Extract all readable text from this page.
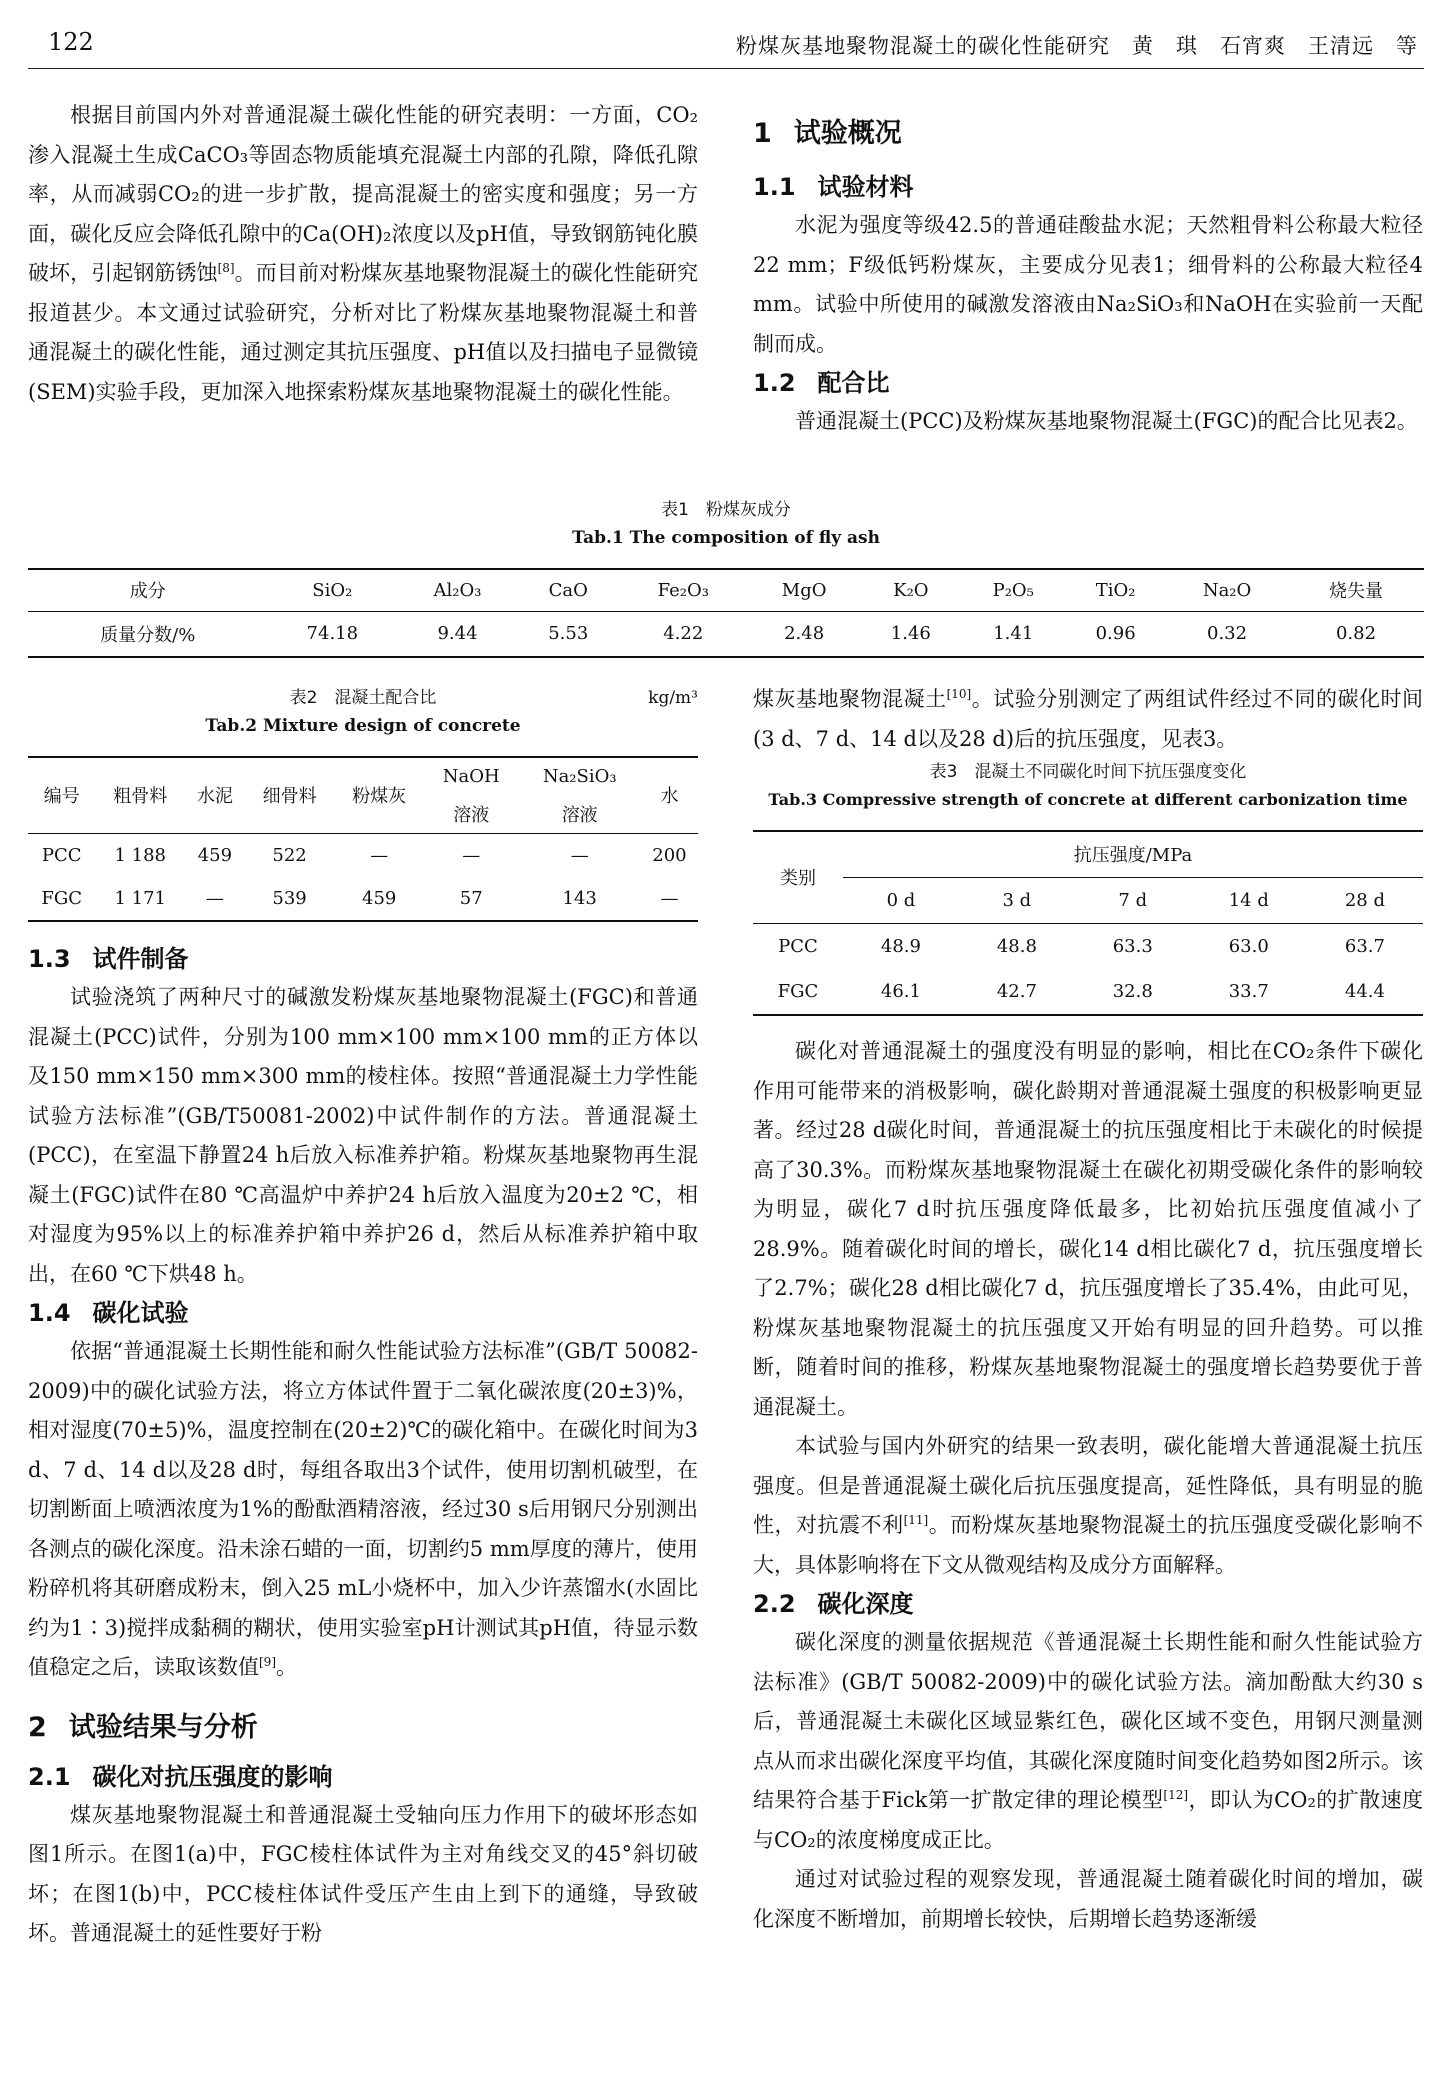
122	粉煤灰基地聚物混凝土的碳化性能研究　黄　琪　石宵爽　王清远　等

根据目前国内外对普通混凝土碳化性能的研究表明：一方面，CO₂渗入混凝土生成CaCO₃等固态物质能填充混凝土内部的孔隙，降低孔隙率，从而减弱CO₂的进一步扩散，提高混凝土的密实度和强度；另一方面，碳化反应会降低孔隙中的Ca(OH)₂浓度以及pH值，导致钢筋钝化膜破坏，引起钢筋锈蚀[8]。而目前对粉煤灰基地聚物混凝土的碳化性能研究报道甚少。本文通过试验研究，分析对比了粉煤灰基地聚物混凝土和普通混凝土的碳化性能，通过测定其抗压强度、pH值以及扫描电子显微镜(SEM)实验手段，更加深入地探索粉煤灰基地聚物混凝土的碳化性能。

1 试验概况
1.1 试验材料

水泥为强度等级42.5的普通硅酸盐水泥；天然粗骨料公称最大粒径22 mm；F级低钙粉煤灰，主要成分见表1；细骨料的公称最大粒径4 mm。试验中所使用的碱激发溶液由Na₂SiO₃和NaOH在实验前一天配制而成。

1.2 配合比

普通混凝土(PCC)及粉煤灰基地聚物混凝土(FGC)的配合比见表2。

表1　粉煤灰成分
Tab.1 The composition of fly ash
成分	SiO₂	Al₂O₃	CaO	Fe₂O₃	MgO	K₂O	P₂O₅	TiO₂	Na₂O	烧失量
质量分数/%	74.18	9.44	5.53	4.22	2.48	1.46	1.41	0.96	0.32	0.82
表2　混凝土配合比	kg/m³
Tab.2 Mixture design of concrete
编号	粗骨料	水泥	细骨料	粉煤灰	NaOH	Na₂SiO₃	水
					溶液	溶液	
PCC	1 188	459	522	—	—	—	200
FGC	1 171	—	539	459	57	143	—
1.3 试件制备

试验浇筑了两种尺寸的碱激发粉煤灰基地聚物混凝土(FGC)和普通混凝土(PCC)试件，分别为100 mm×100 mm×100 mm的正方体以及150 mm×150 mm×300 mm的棱柱体。按照“普通混凝土力学性能试验方法标准”(GB/T50081-2002)中试件制作的方法。普通混凝土(PCC)，在室温下静置24 h后放入标准养护箱。粉煤灰基地聚物再生混凝土(FGC)试件在80 ℃高温炉中养护24 h后放入温度为20±2 ℃，相对湿度为95%以上的标准养护箱中养护26 d，然后从标准养护箱中取出，在60 ℃下烘48 h。

1.4 碳化试验

依据“普通混凝土长期性能和耐久性能试验方法标准”(GB/T 50082-2009)中的碳化试验方法，将立方体试件置于二氧化碳浓度(20±3)%，相对湿度(70±5)%，温度控制在(20±2)℃的碳化箱中。在碳化时间为3 d、7 d、14 d以及28 d时，每组各取出3个试件，使用切割机破型，在切割断面上喷洒浓度为1%的酚酞酒精溶液，经过30 s后用钢尺分别测出各测点的碳化深度。沿未涂石蜡的一面，切割约5 mm厚度的薄片，使用粉碎机将其研磨成粉末，倒入25 mL小烧杯中，加入少许蒸馏水(水固比约为1∶3)搅拌成黏稠的糊状，使用实验室pH计测试其pH值，待显示数值稳定之后，读取该数值[9]。

2 试验结果与分析
2.1 碳化对抗压强度的影响

煤灰基地聚物混凝土和普通混凝土受轴向压力作用下的破坏形态如图1所示。在图1(a)中，FGC棱柱体试件为主对角线交叉的45°斜切破坏；在图1(b)中，PCC棱柱体试件受压产生由上到下的通缝，导致破坏。普通混凝土的延性要好于粉

煤灰基地聚物混凝土[10]。试验分别测定了两组试件经过不同的碳化时间(3 d、7 d、14 d以及28 d)后的抗压强度，见表3。

表3　混凝土不同碳化时间下抗压强度变化
Tab.3 Compressive strength of concrete at different carbonization time
类别	抗压强度/MPa				
	0 d	3 d	7 d	14 d	28 d
PCC	48.9	48.8	63.3	63.0	63.7
FGC	46.1	42.7	32.8	33.7	44.4

碳化对普通混凝土的强度没有明显的影响，相比在CO₂条件下碳化作用可能带来的消极影响，碳化龄期对普通混凝土强度的积极影响更显著。经过28 d碳化时间，普通混凝土的抗压强度相比于未碳化的时候提高了30.3%。而粉煤灰基地聚物混凝土在碳化初期受碳化条件的影响较为明显，碳化7 d时抗压强度降低最多，比初始抗压强度值减小了28.9%。随着碳化时间的增长，碳化14 d相比碳化7 d，抗压强度增长了2.7%；碳化28 d相比碳化7 d，抗压强度增长了35.4%，由此可见，粉煤灰基地聚物混凝土的抗压强度又开始有明显的回升趋势。可以推断，随着时间的推移，粉煤灰基地聚物混凝土的强度增长趋势要优于普通混凝土。

本试验与国内外研究的结果一致表明，碳化能增大普通混凝土抗压强度。但是普通混凝土碳化后抗压强度提高，延性降低，具有明显的脆性，对抗震不利[11]。而粉煤灰基地聚物混凝土的抗压强度受碳化影响不大，具体影响将在下文从微观结构及成分方面解释。

2.2 碳化深度

碳化深度的测量依据规范《普通混凝土长期性能和耐久性能试验方法标准》(GB/T 50082-2009)中的碳化试验方法。滴加酚酞大约30 s后，普通混凝土未碳化区域显紫红色，碳化区域不变色，用钢尺测量测点从而求出碳化深度平均值，其碳化深度随时间变化趋势如图2所示。该结果符合基于Fick第一扩散定律的理论模型[12]，即认为CO₂的扩散速度与CO₂的浓度梯度成正比。

通过对试验过程的观察发现，普通混凝土随着碳化时间的增加，碳化深度不断增加，前期增长较快，后期增长趋势逐渐缓
